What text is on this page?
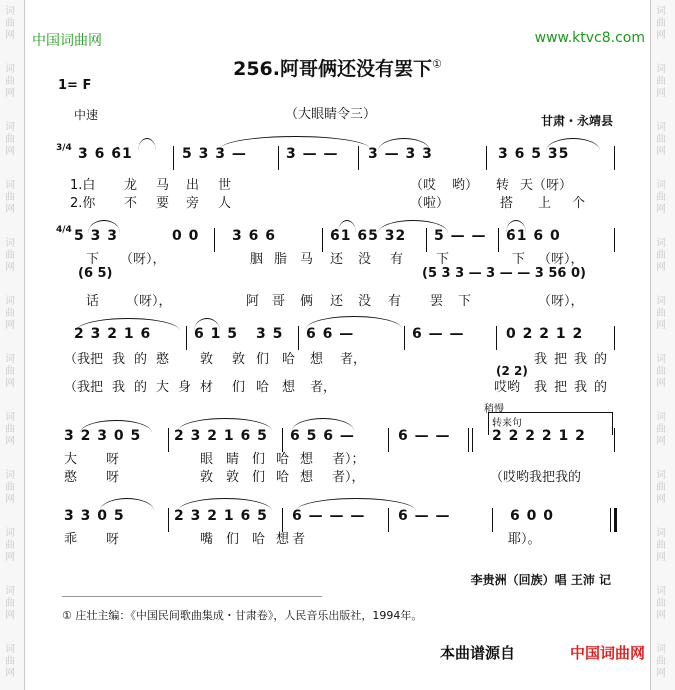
中国词曲网	www.ktvc8.com
256.阿哥俩还没有罢下①
1= F
中速	（大眼睛令三）	甘肃・永靖县
3/4 3 6 6̇1	5 3 3 —	3 — —	3 — 3 3	3 6 5 35
1.白 龙 马 出 世	（哎 哟） 转 天（呀）
2.你 不 要 旁 人	（啦）	搭 上 个
4/4 5 3 3	0 0	3 6 6	6̇1 65 32	5 — —	6̇1 6 0
下 （呀），	胭 脂 马 还 没 有	下	下 （呀），
(6 5)	(5 3 3 — 3 — — 3 56 0)
话 （呀），	阿 哥 俩 还 没 有 罢 下	（呀），
2 3 2 1 6	6 1 5	3 5	6 6 —	6 — —	0 2 2 1 2
（我 把 我 的 憨 敦 敦 们 哈 想 者，	我 把 我 的
(2 2)
（我 把 我 的 大 身 材 们 哈 想 者，	哎哟 我 把 我 的
稍慢
转来句
3 2 3 0 5	2 3 2 1 6 5	6 5 6 —	6 — —	2 2 2 2 1 2
大 呀	眼 睛 们 哈 想 者）；
憨 呀	敦 敦 们 哈 想 者），	（哎哟我把我的
3 3 0 5	2 3 2 1 6 5	6 — — —	6 — —	6 0 0
乖 呀	嘴 们 哈 想 者	耶）。
李贵洲（回族）唱 王沛 记
① 庄壮主编：《中国民间歌曲集成・甘肃卷》，人民音乐出版社，1994年。
本曲谱源自	中国词曲网
词
曲
网
词
曲
网
词
曲
网
词
曲
网
词
曲
网
词
曲
网
词
曲
网
词
曲
网
词
曲
网
词
曲
网
词
曲
网
词
曲
网
词
曲
网
词
曲
网
词
曲
网
词
曲
网
词
曲
网
词
曲
网
词
曲
网
词
曲
网
词
曲
网
词
曲
网
词
曲
网
词
曲
网
